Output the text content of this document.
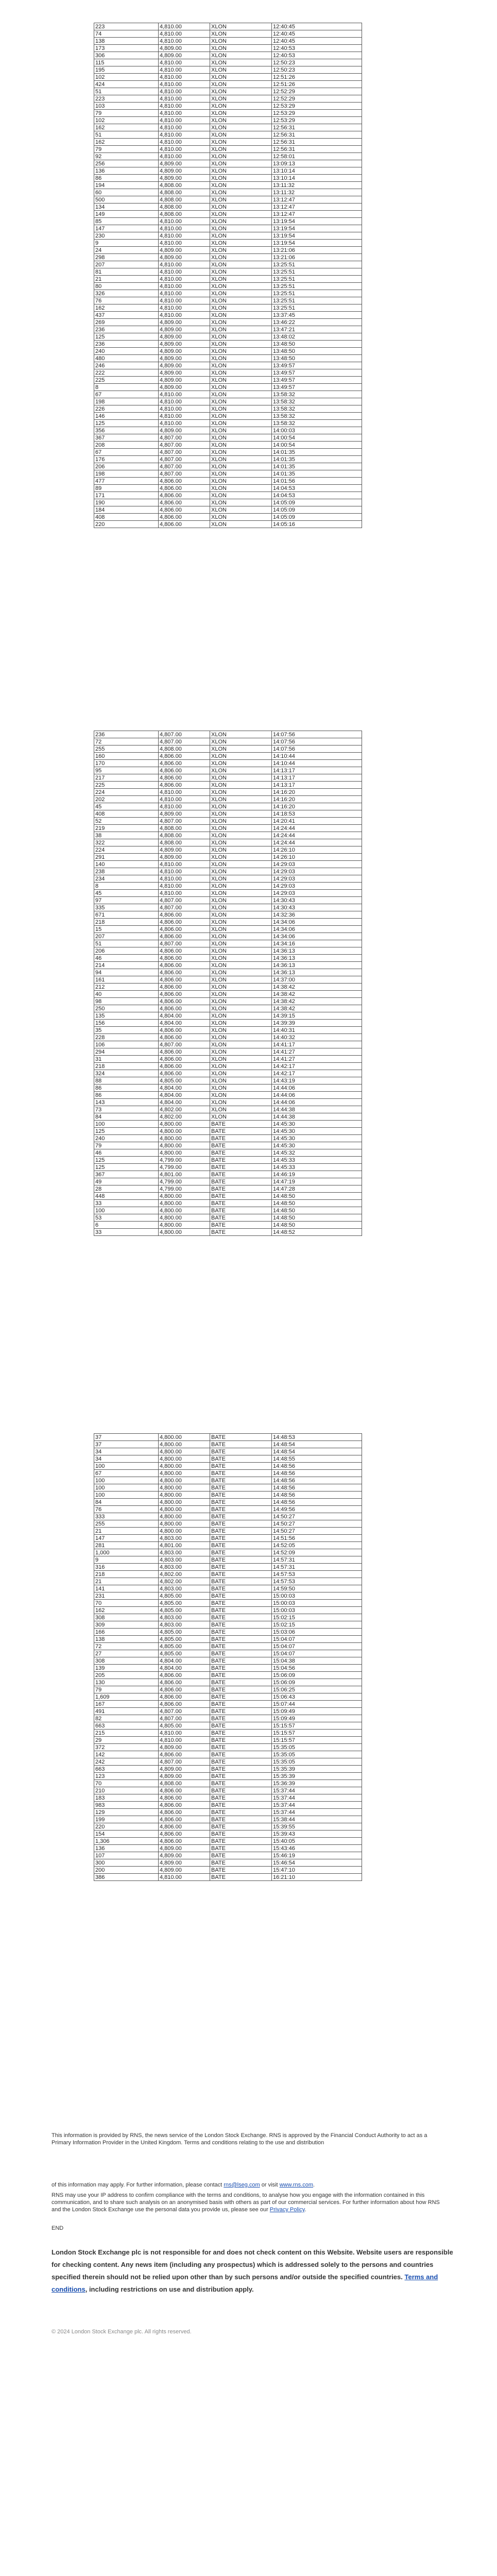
223	4,810.00	XLON	12:40:45
74	4,810.00	XLON	12:40:45
138	4,810.00	XLON	12:40:45
173	4,809.00	XLON	12:40:53
306	4,809.00	XLON	12:40:53
115	4,810.00	XLON	12:50:23
195	4,810.00	XLON	12:50:23
102	4,810.00	XLON	12:51:26
424	4,810.00	XLON	12:51:26
51	4,810.00	XLON	12:52:29
223	4,810.00	XLON	12:52:29
103	4,810.00	XLON	12:53:29
79	4,810.00	XLON	12:53:29
102	4,810.00	XLON	12:53:29
162	4,810.00	XLON	12:56:31
51	4,810.00	XLON	12:56:31
162	4,810.00	XLON	12:56:31
79	4,810.00	XLON	12:56:31
92	4,810.00	XLON	12:58:01
256	4,809.00	XLON	13:09:13
136	4,809.00	XLON	13:10:14
86	4,809.00	XLON	13:10:14
194	4,808.00	XLON	13:11:32
60	4,808.00	XLON	13:11:32
500	4,808.00	XLON	13:12:47
134	4,808.00	XLON	13:12:47
149	4,808.00	XLON	13:12:47
85	4,810.00	XLON	13:19:54
147	4,810.00	XLON	13:19:54
230	4,810.00	XLON	13:19:54
9	4,810.00	XLON	13:19:54
24	4,809.00	XLON	13:21:06
298	4,809.00	XLON	13:21:06
207	4,810.00	XLON	13:25:51
81	4,810.00	XLON	13:25:51
21	4,810.00	XLON	13:25:51
80	4,810.00	XLON	13:25:51
326	4,810.00	XLON	13:25:51
76	4,810.00	XLON	13:25:51
162	4,810.00	XLON	13:25:51
437	4,810.00	XLON	13:37:45
269	4,809.00	XLON	13:46:22
236	4,809.00	XLON	13:47:21
125	4,809.00	XLON	13:48:02
236	4,809.00	XLON	13:48:50
240	4,809.00	XLON	13:48:50
480	4,809.00	XLON	13:48:50
246	4,809.00	XLON	13:49:57
222	4,809.00	XLON	13:49:57
225	4,809.00	XLON	13:49:57
8	4,809.00	XLON	13:49:57
67	4,810.00	XLON	13:58:32
198	4,810.00	XLON	13:58:32
226	4,810.00	XLON	13:58:32
146	4,810.00	XLON	13:58:32
125	4,810.00	XLON	13:58:32
356	4,809.00	XLON	14:00:03
367	4,807.00	XLON	14:00:54
208	4,807.00	XLON	14:00:54
67	4,807.00	XLON	14:01:35
176	4,807.00	XLON	14:01:35
206	4,807.00	XLON	14:01:35
198	4,807.00	XLON	14:01:35
477	4,806.00	XLON	14:01:56
89	4,806.00	XLON	14:04:53
171	4,806.00	XLON	14:04:53
190	4,806.00	XLON	14:05:09
184	4,806.00	XLON	14:05:09
408	4,806.00	XLON	14:05:09
220	4,806.00	XLON	14:05:16
236	4,807.00	XLON	14:07:56
72	4,807.00	XLON	14:07:56
255	4,808.00	XLON	14:07:56
160	4,806.00	XLON	14:10:44
170	4,806.00	XLON	14:10:44
95	4,806.00	XLON	14:13:17
217	4,806.00	XLON	14:13:17
225	4,806.00	XLON	14:13:17
224	4,810.00	XLON	14:16:20
202	4,810.00	XLON	14:16:20
45	4,810.00	XLON	14:16:20
408	4,809.00	XLON	14:18:53
52	4,807.00	XLON	14:20:41
219	4,808.00	XLON	14:24:44
38	4,808.00	XLON	14:24:44
322	4,808.00	XLON	14:24:44
224	4,809.00	XLON	14:26:10
291	4,809.00	XLON	14:26:10
140	4,810.00	XLON	14:29:03
238	4,810.00	XLON	14:29:03
234	4,810.00	XLON	14:29:03
8	4,810.00	XLON	14:29:03
45	4,810.00	XLON	14:29:03
97	4,807.00	XLON	14:30:43
335	4,807.00	XLON	14:30:43
671	4,806.00	XLON	14:32:36
218	4,806.00	XLON	14:34:06
15	4,806.00	XLON	14:34:06
207	4,806.00	XLON	14:34:06
51	4,807.00	XLON	14:34:16
206	4,806.00	XLON	14:36:13
46	4,806.00	XLON	14:36:13
214	4,806.00	XLON	14:36:13
94	4,806.00	XLON	14:36:13
161	4,806.00	XLON	14:37:00
212	4,806.00	XLON	14:38:42
40	4,806.00	XLON	14:38:42
98	4,806.00	XLON	14:38:42
250	4,806.00	XLON	14:38:42
135	4,804.00	XLON	14:39:15
156	4,804.00	XLON	14:39:39
35	4,806.00	XLON	14:40:31
228	4,806.00	XLON	14:40:32
106	4,807.00	XLON	14:41:17
294	4,806.00	XLON	14:41:27
31	4,806.00	XLON	14:41:27
218	4,806.00	XLON	14:42:17
324	4,806.00	XLON	14:42:17
88	4,805.00	XLON	14:43:19
86	4,804.00	XLON	14:44:06
86	4,804.00	XLON	14:44:06
143	4,804.00	XLON	14:44:06
73	4,802.00	XLON	14:44:38
84	4,802.00	XLON	14:44:38
100	4,800.00	BATE	14:45:30
125	4,800.00	BATE	14:45:30
240	4,800.00	BATE	14:45:30
79	4,800.00	BATE	14:45:30
46	4,800.00	BATE	14:45:32
125	4,799.00	BATE	14:45:33
125	4,799.00	BATE	14:45:33
367	4,801.00	BATE	14:46:19
49	4,799.00	BATE	14:47:19
28	4,799.00	BATE	14:47:28
448	4,800.00	BATE	14:48:50
33	4,800.00	BATE	14:48:50
100	4,800.00	BATE	14:48:50
53	4,800.00	BATE	14:48:50
6	4,800.00	BATE	14:48:50
33	4,800.00	BATE	14:48:52
37	4,800.00	BATE	14:48:53
37	4,800.00	BATE	14:48:54
34	4,800.00	BATE	14:48:54
34	4,800.00	BATE	14:48:55
100	4,800.00	BATE	14:48:56
67	4,800.00	BATE	14:48:56
100	4,800.00	BATE	14:48:56
100	4,800.00	BATE	14:48:56
100	4,800.00	BATE	14:48:56
84	4,800.00	BATE	14:48:56
76	4,800.00	BATE	14:49:56
333	4,800.00	BATE	14:50:27
255	4,800.00	BATE	14:50:27
21	4,800.00	BATE	14:50:27
147	4,803.00	BATE	14:51:56
281	4,801.00	BATE	14:52:05
1,000	4,803.00	BATE	14:52:09
9	4,803.00	BATE	14:57:31
316	4,803.00	BATE	14:57:31
218	4,802.00	BATE	14:57:53
21	4,802.00	BATE	14:57:53
141	4,803.00	BATE	14:59:50
231	4,805.00	BATE	15:00:03
70	4,805.00	BATE	15:00:03
162	4,805.00	BATE	15:00:03
308	4,803.00	BATE	15:02:15
309	4,803.00	BATE	15:02:15
166	4,805.00	BATE	15:03:06
138	4,805.00	BATE	15:04:07
72	4,805.00	BATE	15:04:07
27	4,805.00	BATE	15:04:07
308	4,804.00	BATE	15:04:38
139	4,804.00	BATE	15:04:56
205	4,806.00	BATE	15:06:09
130	4,806.00	BATE	15:06:09
79	4,806.00	BATE	15:06:25
1,609	4,806.00	BATE	15:06:43
167	4,806.00	BATE	15:07:44
491	4,807.00	BATE	15:09:49
82	4,807.00	BATE	15:09:49
663	4,805.00	BATE	15:15:57
215	4,810.00	BATE	15:15:57
29	4,810.00	BATE	15:15:57
372	4,809.00	BATE	15:35:05
142	4,806.00	BATE	15:35:05
242	4,807.00	BATE	15:35:05
663	4,809.00	BATE	15:35:39
123	4,809.00	BATE	15:35:39
70	4,808.00	BATE	15:36:39
210	4,806.00	BATE	15:37:44
183	4,806.00	BATE	15:37:44
983	4,806.00	BATE	15:37:44
129	4,806.00	BATE	15:37:44
199	4,806.00	BATE	15:38:44
220	4,806.00	BATE	15:39:55
154	4,806.00	BATE	15:39:43
1,306	4,806.00	BATE	15:40:05
136	4,809.00	BATE	15:43:46
107	4,809.00	BATE	15:46:19
300	4,809.00	BATE	15:46:54
200	4,809.00	BATE	15:47:10
386	4,810.00	BATE	16:21:10

This information is provided by RNS, the news service of the London Stock Exchange. RNS is approved by the Financial Conduct Authority to act as a Primary Information Provider in the United Kingdom. Terms and conditions relating to the use and distribution

of this information may apply. For further information, please contact rns@lseg.com or visit www.rns.com.

RNS may use your IP address to confirm compliance with the terms and conditions, to analyse how you engage with the information contained in this communication, and to share such analysis on an anonymised basis with others as part of our commercial services. For further information about how RNS and the London Stock Exchange use the personal data you provide us, please see our Privacy Policy.

END

London Stock Exchange plc is not responsible for and does not check content on this Website. Website users are responsible for checking content. Any news item (including any prospectus) which is addressed solely to the persons and countries specified therein should not be relied upon other than by such persons and/or outside the specified countries. Terms and conditions, including restrictions on use and distribution apply.

© 2024 London Stock Exchange plc. All rights reserved.
